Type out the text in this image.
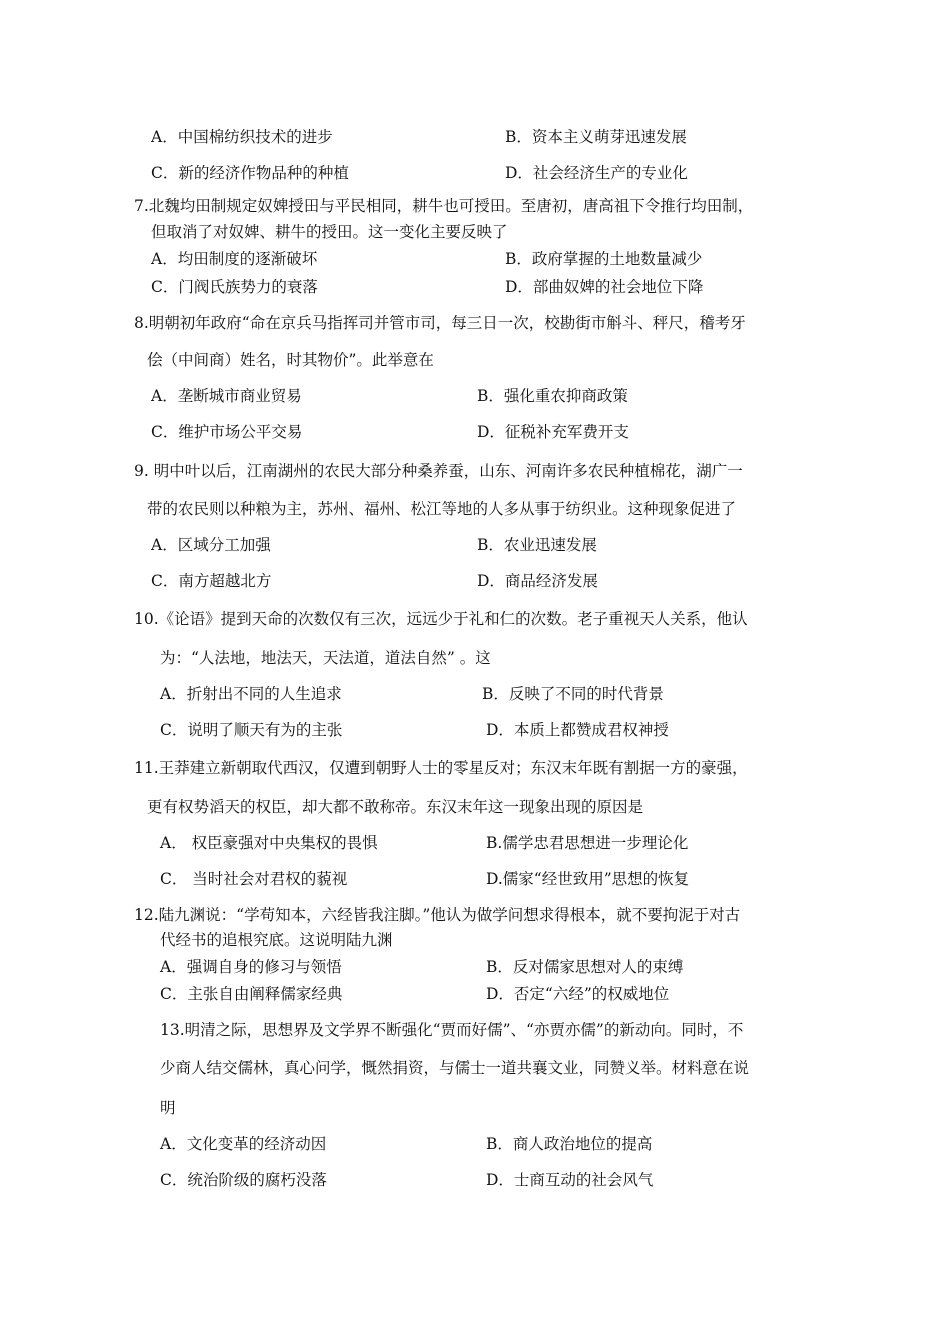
A．中国棉纺织技术的进步	B．资本主义萌芽迅速发展
C．新的经济作物品种的种植	D．社会经济生产的专业化
7.北魏均田制规定奴婢授田与平民相同，耕牛也可授田。至唐初，唐高祖下令推行均田制，
但取消了对奴婢、耕牛的授田。这一变化主要反映了
A．均田制度的逐渐破坏	B．政府掌握的土地数量减少
C．门阀氏族势力的衰落	D．部曲奴婢的社会地位下降
8.明朝初年政府“命在京兵马指挥司并管市司，每三日一次，校勘街市斛斗、秤尺，稽考牙
侩（中间商）姓名，时其物价”。此举意在
A．垄断城市商业贸易	B．强化重农抑商政策
C．维护市场公平交易	D．征税补充军费开支
9. 明中叶以后，江南湖州的农民大部分种桑养蚕，山东、河南许多农民种植棉花，湖广一
带的农民则以种粮为主，苏州、福州、松江等地的人多从事于纺织业。这种现象促进了
A．区域分工加强	B．农业迅速发展
C．南方超越北方	D．商品经济发展
10.《论语》提到天命的次数仅有三次，远远少于礼和仁的次数。老子重视天人关系，他认
为：“人法地，地法天，天法道，道法自然” 。这
A．折射出不同的人生追求	B．反映了不同的时代背景
C．说明了顺天有为的主张	D．本质上都赞成君权神授
11.王莽建立新朝取代西汉，仅遭到朝野人士的零星反对；东汉末年既有割据一方的豪强，
更有权势滔天的权臣，却大都不敢称帝。东汉末年这一现象出现的原因是
A． 权臣豪强对中央集权的畏惧	B.儒学忠君思想进一步理论化
C． 当时社会对君权的藐视	D.儒家“经世致用”思想的恢复
12.陆九渊说：“学苟知本，六经皆我注脚。”他认为做学问想求得根本，就不要拘泥于对古
代经书的追根究底。这说明陆九渊
A．强调自身的修习与领悟	B．反对儒家思想对人的束缚
C．主张自由阐释儒家经典	D．否定“六经”的权威地位
13.明清之际，思想界及文学界不断强化“贾而好儒”、“亦贾亦儒”的新动向。同时，不
少商人结交儒林，真心问学，慨然捐资，与儒士一道共襄文业，同赞义举。材料意在说
明
A．文化变革的经济动因	B．商人政治地位的提高
C．统治阶级的腐朽没落	D．士商互动的社会风气
